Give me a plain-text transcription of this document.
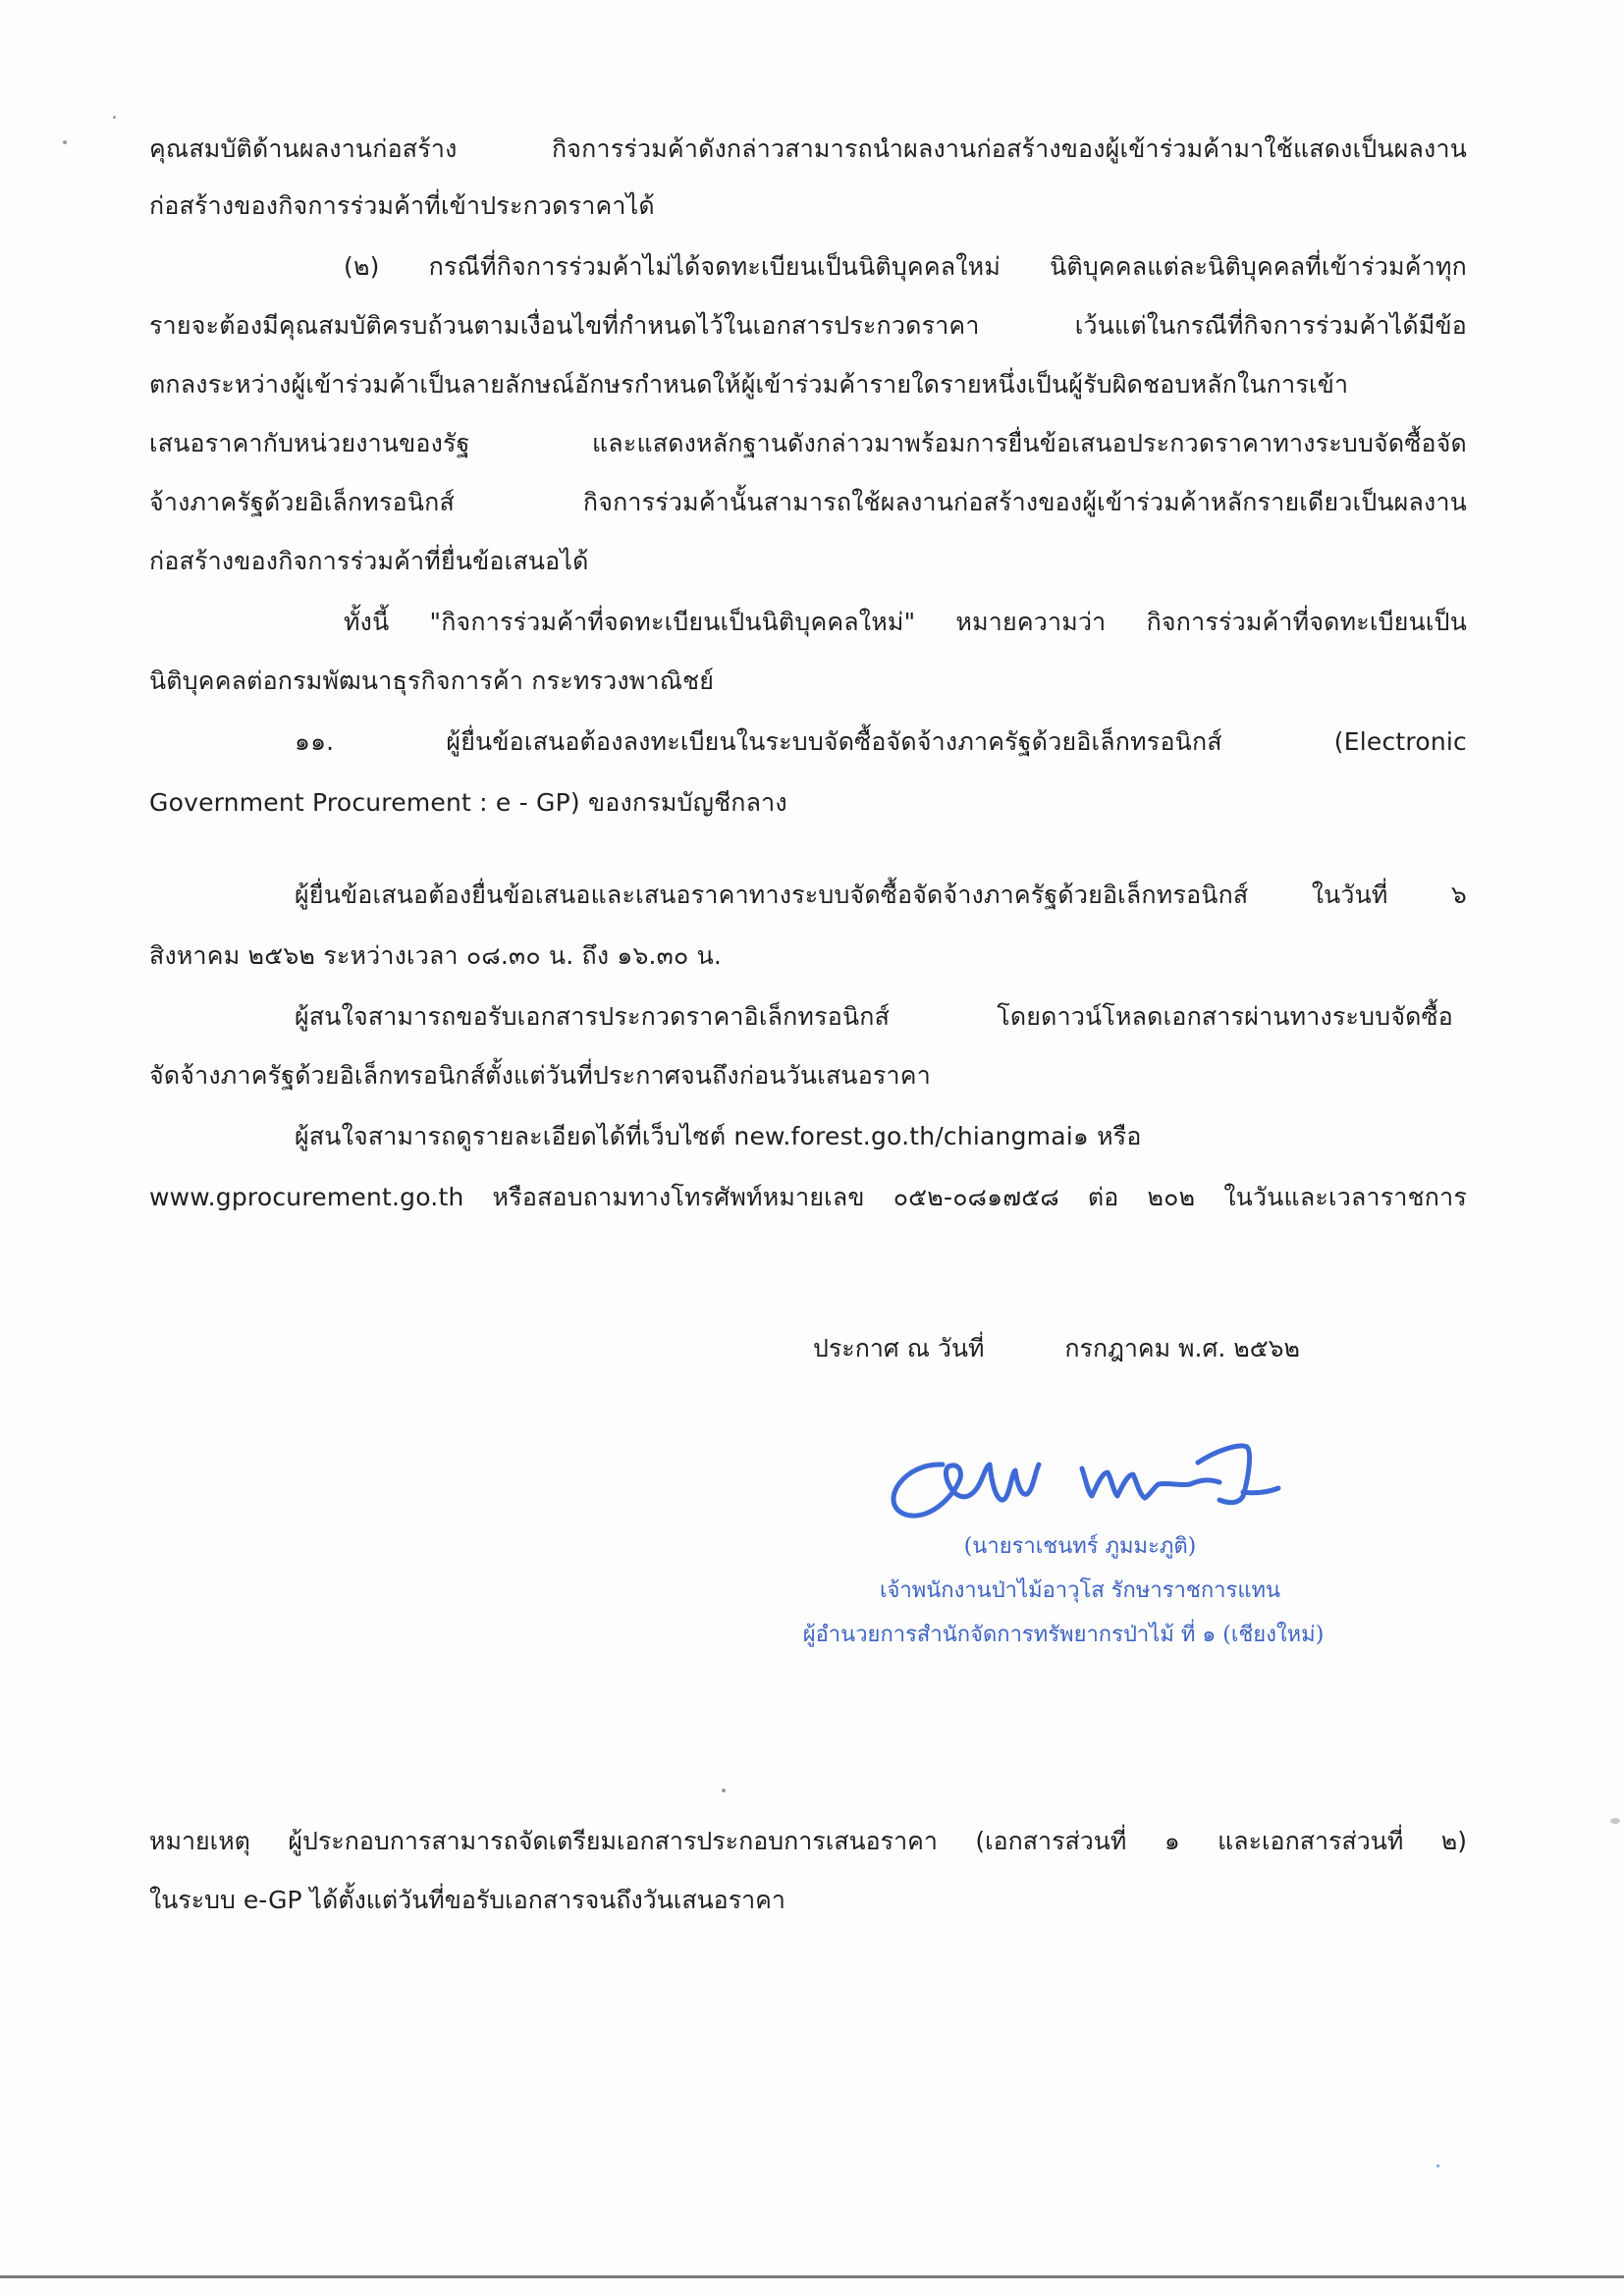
คุณสมบัติด้านผลงานก่อสร้าง กิจการร่วมค้าดังกล่าวสามารถนำผลงานก่อสร้างของผู้เข้าร่วมค้ามาใช้แสดงเป็นผลงาน
ก่อสร้างของกิจการร่วมค้าที่เข้าประกวดราคาได้
(๒) กรณีที่กิจการร่วมค้าไม่ได้จดทะเบียนเป็นนิติบุคคลใหม่ นิติบุคคลแต่ละนิติบุคคลที่เข้าร่วมค้าทุก
รายจะต้องมีคุณสมบัติครบถ้วนตามเงื่อนไขที่กำหนดไว้ในเอกสารประกวดราคา เว้นแต่ในกรณีที่กิจการร่วมค้าได้มีข้อ
ตกลงระหว่างผู้เข้าร่วมค้าเป็นลายลักษณ์อักษรกำหนดให้ผู้เข้าร่วมค้ารายใดรายหนึ่งเป็นผู้รับผิดชอบหลักในการเข้า
เสนอราคากับหน่วยงานของรัฐ และแสดงหลักฐานดังกล่าวมาพร้อมการยื่นข้อเสนอประกวดราคาทางระบบจัดซื้อจัด
จ้างภาครัฐด้วยอิเล็กทรอนิกส์ กิจการร่วมค้านั้นสามารถใช้ผลงานก่อสร้างของผู้เข้าร่วมค้าหลักรายเดียวเป็นผลงาน
ก่อสร้างของกิจการร่วมค้าที่ยื่นข้อเสนอได้
ทั้งนี้ "กิจการร่วมค้าที่จดทะเบียนเป็นนิติบุคคลใหม่" หมายความว่า กิจการร่วมค้าที่จดทะเบียนเป็น
นิติบุคคลต่อกรมพัฒนาธุรกิจการค้า กระทรวงพาณิชย์
๑๑. ผู้ยื่นข้อเสนอต้องลงทะเบียนในระบบจัดซื้อจัดจ้างภาครัฐด้วยอิเล็กทรอนิกส์ (Electronic
Government Procurement : e - GP) ของกรมบัญชีกลาง
ผู้ยื่นข้อเสนอต้องยื่นข้อเสนอและเสนอราคาทางระบบจัดซื้อจัดจ้างภาครัฐด้วยอิเล็กทรอนิกส์ ในวันที่ ๖
สิงหาคม ๒๕๖๒ ระหว่างเวลา ๐๘.๓๐ น. ถึง ๑๖.๓๐ น.
ผู้สนใจสามารถขอรับเอกสารประกวดราคาอิเล็กทรอนิกส์ โดยดาวน์โหลดเอกสารผ่านทางระบบจัดซื้อ
จัดจ้างภาครัฐด้วยอิเล็กทรอนิกส์ตั้งแต่วันที่ประกาศจนถึงก่อนวันเสนอราคา
ผู้สนใจสามารถดูรายละเอียดได้ที่เว็บไซต์ new.forest.go.th/chiangmai๑ หรือ
www.gprocurement.go.th หรือสอบถามทางโทรศัพท์หมายเลข ๐๕๒-๐๘๑๗๕๘ ต่อ ๒๐๒ ในวันและเวลาราชการ
ประกาศ ณ วันที่	กรกฎาคม พ.ศ. ๒๕๖๒
(นายราเชนทร์ ภูมมะภูติ)
เจ้าพนักงานป่าไม้อาวุโส รักษาราชการแทน
ผู้อำนวยการสำนักจัดการทรัพยากรป่าไม้ ที่ ๑ (เชียงใหม่)
หมายเหตุ ผู้ประกอบการสามารถจัดเตรียมเอกสารประกอบการเสนอราคา (เอกสารส่วนที่ ๑ และเอกสารส่วนที่ ๒)
ในระบบ e-GP ได้ตั้งแต่วันที่ขอรับเอกสารจนถึงวันเสนอราคา
